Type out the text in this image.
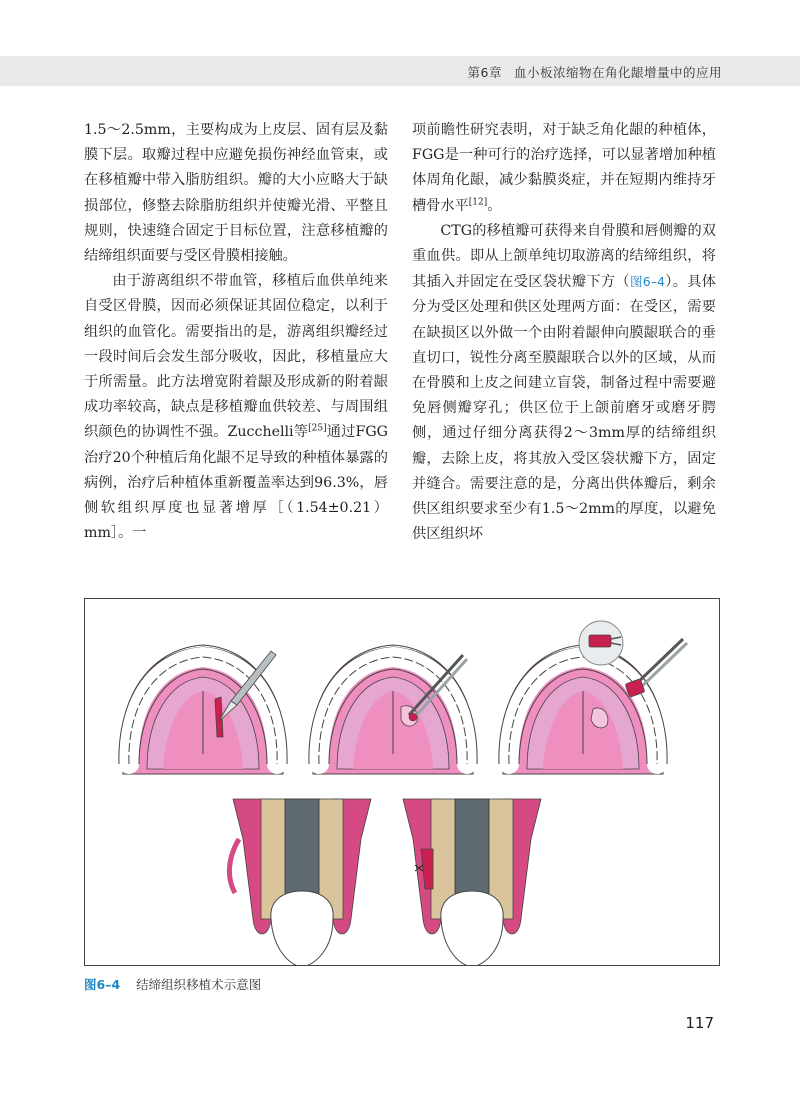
第6章 血小板浓缩物在角化龈增量中的应用

1.5～2.5mm，主要构成为上皮层、固有层及黏膜下层。取瓣过程中应避免损伤神经血管束，或在移植瓣中带入脂肪组织。瓣的大小应略大于缺损部位，修整去除脂肪组织并使瓣光滑、平整且规则，快速缝合固定于目标位置，注意移植瓣的结缔组织面要与受区骨膜相接触。

由于游离组织不带血管，移植后血供单纯来自受区骨膜，因而必须保证其固位稳定，以利于组织的血管化。需要指出的是，游离组织瓣经过一段时间后会发生部分吸收，因此，移植量应大于所需量。此方法增宽附着龈及形成新的附着龈成功率较高，缺点是移植瓣血供较差、与周围组织颜色的协调性不强。Zucchelli等[25]通过FGG治疗20个种植后角化龈不足导致的种植体暴露的病例，治疗后种植体重新覆盖率达到96.3%，唇侧软组织厚度也显著增厚［（1.54±0.21）mm］。一

项前瞻性研究表明，对于缺乏角化龈的种植体，FGG是一种可行的治疗选择，可以显著增加种植体周角化龈，减少黏膜炎症，并在短期内维持牙槽骨水平[12]。

CTG的移植瓣可获得来自骨膜和唇侧瓣的双重血供。即从上颌单纯切取游离的结缔组织，将其插入并固定在受区袋状瓣下方（图6–4）。具体分为受区处理和供区处理两方面：在受区，需要在缺损区以外做一个由附着龈伸向膜龈联合的垂直切口，锐性分离至膜龈联合以外的区域，从而在骨膜和上皮之间建立盲袋，制备过程中需要避免唇侧瓣穿孔；供区位于上颌前磨牙或磨牙腭侧，通过仔细分离获得2～3mm厚的结缔组织瓣，去除上皮，将其放入受区袋状瓣下方，固定并缝合。需要注意的是，分离出供体瓣后，剩余供区组织要求至少有1.5～2mm的厚度，以避免供区组织坏

图6–4 结缔组织移植术示意图
117
